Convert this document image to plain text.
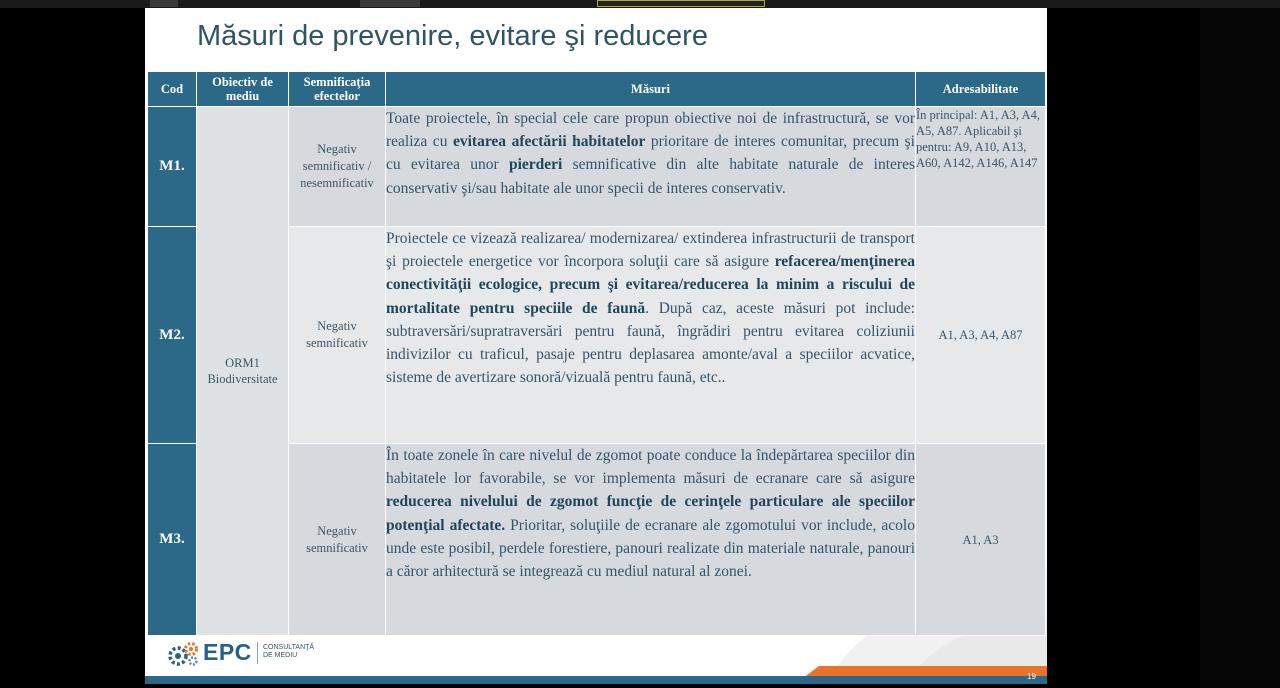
Măsuri de prevenire, evitare şi reducere
Cod	Obiectiv de mediu	Semnificaţia efectelor	Măsuri	Adresabilitate
M1.	ORM1 Biodiversitate	Negativ semnificativ / nesemnificativ	Toate proiectele, în special cele care propun obiective noi de infrastructură, se vor realiza cu evitarea afectării habitatelor prioritare de interes comunitar, precum şi cu evitarea unor pierderi semnificative din alte habitate naturale de interes conservativ şi/sau habitate ale unor specii de interes conservativ.	În principal: A1, A3, A4, A5, A87. Aplicabil şi pentru: A9, A10, A13, A60, A142, A146, A147
M2.		Negativ semnificativ	Proiectele ce vizează realizarea/ modernizarea/ extinderea infrastructurii de transport şi proiectele energetice vor încorpora soluţii care să asigure refacerea/menţinerea conectivităţii ecologice, precum şi evitarea/reducerea la minim a riscului de mortalitate pentru speciile de faună. După caz, aceste măsuri pot include: subtraversări/supratraversări pentru faună, îngrădiri pentru evitarea coliziunii indivizilor cu traficul, pasaje pentru deplasarea amonte/aval a speciilor acvatice, sisteme de avertizare sonoră/vizuală pentru faună, etc..	A1, A3, A4, A87
M3.		Negativ semnificativ	În toate zonele în care nivelul de zgomot poate conduce la îndepărtarea speciilor din habitatele lor favorabile, se vor implementa măsuri de ecranare care să asigure reducerea nivelului de zgomot funcţie de cerinţele particulare ale speciilor potenţial afectate. Prioritar, soluţiile de ecranare ale zgomotului vor include, acolo unde este posibil, perdele forestiere, panouri realizate din materiale naturale, panouri a căror arhitectură se integrează cu mediul natural al zonei.	A1, A3
EPC CONSULTANŢĂ
DE MEDIU
19
